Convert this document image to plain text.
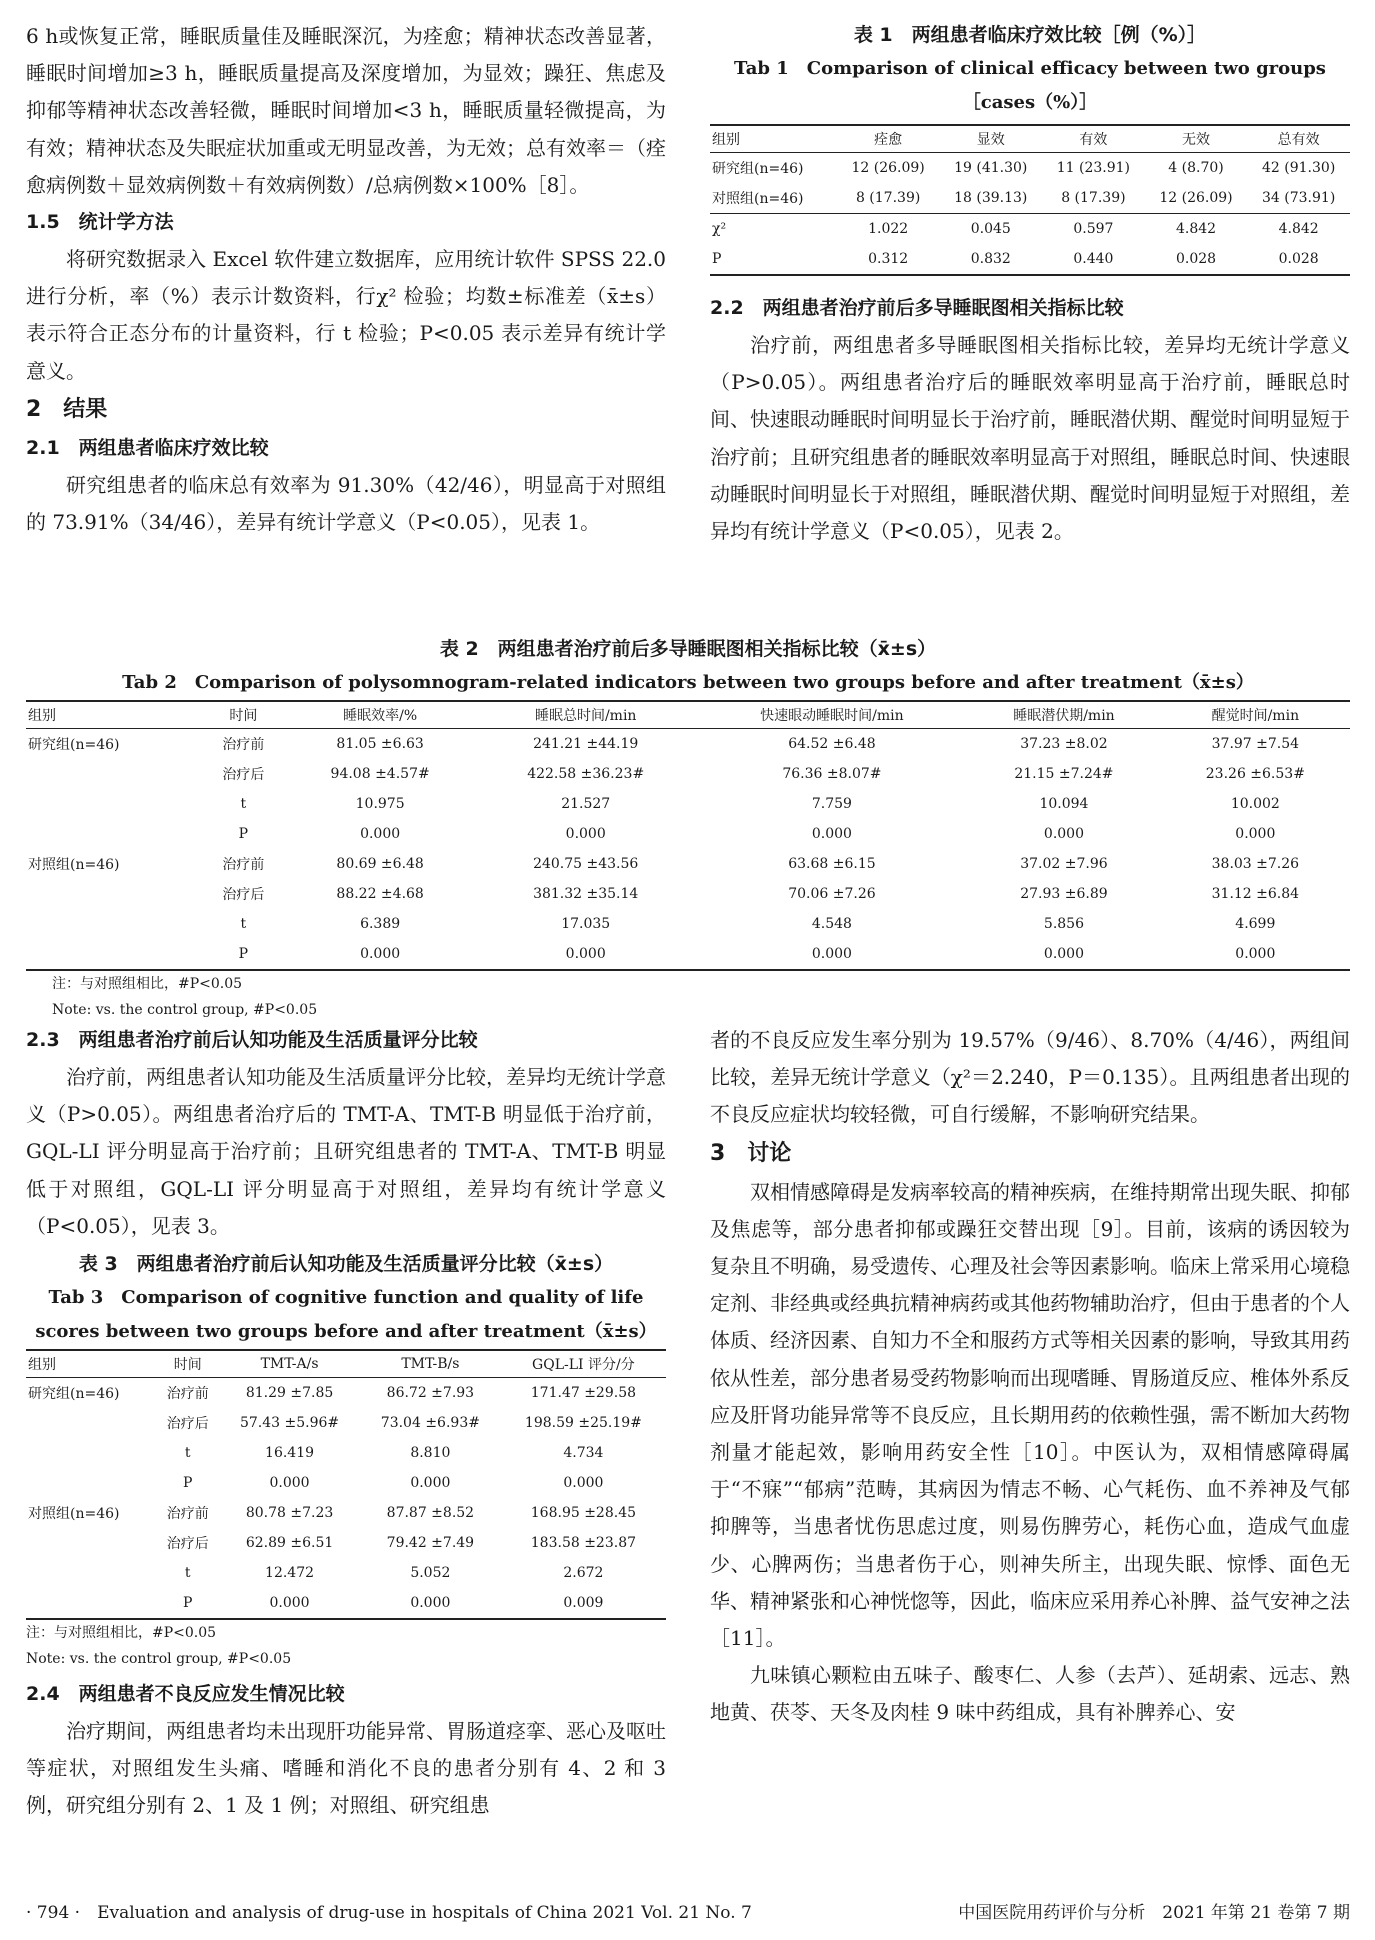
6 h或恢复正常，睡眠质量佳及睡眠深沉，为痊愈；精神状态改善显著，睡眠时间增加≥3 h，睡眠质量提高及深度增加，为显效；躁狂、焦虑及抑郁等精神状态改善轻微，睡眠时间增加<3 h，睡眠质量轻微提高，为有效；精神状态及失眠症状加重或无明显改善，为无效；总有效率＝（痊愈病例数＋显效病例数＋有效病例数）/总病例数×100%［8］。

1.5　统计学方法

将研究数据录入 Excel 软件建立数据库，应用统计软件 SPSS 22.0 进行分析，率（%）表示计数资料，行χ² 检验；均数±标准差（x̄±s）表示符合正态分布的计量资料，行 t 检验；P<0.05 表示差异有统计学意义。

2　结果
2.1　两组患者临床疗效比较

研究组患者的临床总有效率为 91.30%（42/46），明显高于对照组的 73.91%（34/46），差异有统计学意义（P<0.05），见表 1。

表 1　两组患者临床疗效比较［例（%）］
Tab 1　Comparison of clinical efficacy between two groups［cases（%）］
组别	痊愈	显效	有效	无效	总有效
研究组(n=46)	12 (26.09)	19 (41.30)	11 (23.91)	4 (8.70)	42 (91.30)
对照组(n=46)	8 (17.39)	18 (39.13)	8 (17.39)	12 (26.09)	34 (73.91)
χ²	1.022	0.045	0.597	4.842	4.842
P	0.312	0.832	0.440	0.028	0.028
2.2　两组患者治疗前后多导睡眠图相关指标比较

治疗前，两组患者多导睡眠图相关指标比较，差异均无统计学意义（P>0.05）。两组患者治疗后的睡眠效率明显高于治疗前，睡眠总时间、快速眼动睡眠时间明显长于治疗前，睡眠潜伏期、醒觉时间明显短于治疗前；且研究组患者的睡眠效率明显高于对照组，睡眠总时间、快速眼动睡眠时间明显长于对照组，睡眠潜伏期、醒觉时间明显短于对照组，差异均有统计学意义（P<0.05），见表 2。

表 2　两组患者治疗前后多导睡眠图相关指标比较（x̄±s）
Tab 2　Comparison of polysomnogram-related indicators between two groups before and after treatment（x̄±s）
组别	时间	睡眠效率/%	睡眠总时间/min	快速眼动睡眠时间/min	睡眠潜伏期/min	醒觉时间/min
研究组(n=46)	治疗前	81.05 ±6.63	241.21 ±44.19	64.52 ±6.48	37.23 ±8.02	37.97 ±7.54
	治疗后	94.08 ±4.57#	422.58 ±36.23#	76.36 ±8.07#	21.15 ±7.24#	23.26 ±6.53#
	t	10.975	21.527	7.759	10.094	10.002
	P	0.000	0.000	0.000	0.000	0.000
对照组(n=46)	治疗前	80.69 ±6.48	240.75 ±43.56	63.68 ±6.15	37.02 ±7.96	38.03 ±7.26
	治疗后	88.22 ±4.68	381.32 ±35.14	70.06 ±7.26	27.93 ±6.89	31.12 ±6.84
	t	6.389	17.035	4.548	5.856	4.699
	P	0.000	0.000	0.000	0.000	0.000
注：与对照组相比，#P<0.05
Note: vs. the control group, #P<0.05
2.3　两组患者治疗前后认知功能及生活质量评分比较

治疗前，两组患者认知功能及生活质量评分比较，差异均无统计学意义（P>0.05）。两组患者治疗后的 TMT-A、TMT-B 明显低于治疗前，GQL-LI 评分明显高于治疗前；且研究组患者的 TMT-A、TMT-B 明显低于对照组，GQL-LI 评分明显高于对照组，差异均有统计学意义（P<0.05），见表 3。

表 3　两组患者治疗前后认知功能及生活质量评分比较（x̄±s）
Tab 3　Comparison of cognitive function and quality of life scores between two groups before and after treatment（x̄±s）
组别	时间	TMT-A/s	TMT-B/s	GQL-LI 评分/分
研究组(n=46)	治疗前	81.29 ±7.85	86.72 ±7.93	171.47 ±29.58
	治疗后	57.43 ±5.96#	73.04 ±6.93#	198.59 ±25.19#
	t	16.419	8.810	4.734
	P	0.000	0.000	0.000
对照组(n=46)	治疗前	80.78 ±7.23	87.87 ±8.52	168.95 ±28.45
	治疗后	62.89 ±6.51	79.42 ±7.49	183.58 ±23.87
	t	12.472	5.052	2.672
	P	0.000	0.000	0.009
注：与对照组相比，#P<0.05
Note: vs. the control group, #P<0.05
2.4　两组患者不良反应发生情况比较

治疗期间，两组患者均未出现肝功能异常、胃肠道痉挛、恶心及呕吐等症状，对照组发生头痛、嗜睡和消化不良的患者分别有 4、2 和 3 例，研究组分别有 2、1 及 1 例；对照组、研究组患

者的不良反应发生率分别为 19.57%（9/46）、8.70%（4/46），两组间比较，差异无统计学意义（χ²＝2.240，P＝0.135）。且两组患者出现的不良反应症状均较轻微，可自行缓解，不影响研究结果。

3　讨论

双相情感障碍是发病率较高的精神疾病，在维持期常出现失眠、抑郁及焦虑等，部分患者抑郁或躁狂交替出现［9］。目前，该病的诱因较为复杂且不明确，易受遗传、心理及社会等因素影响。临床上常采用心境稳定剂、非经典或经典抗精神病药或其他药物辅助治疗，但由于患者的个人体质、经济因素、自知力不全和服药方式等相关因素的影响，导致其用药依从性差，部分患者易受药物影响而出现嗜睡、胃肠道反应、椎体外系反应及肝肾功能异常等不良反应，且长期用药的依赖性强，需不断加大药物剂量才能起效，影响用药安全性［10］。中医认为，双相情感障碍属于“不寐”“郁病”范畴，其病因为情志不畅、心气耗伤、血不养神及气郁抑脾等，当患者忧伤思虑过度，则易伤脾劳心，耗伤心血，造成气血虚少、心脾两伤；当患者伤于心，则神失所主，出现失眠、惊悸、面色无华、精神紧张和心神恍惚等，因此，临床应采用养心补脾、益气安神之法［11］。

九味镇心颗粒由五味子、酸枣仁、人参（去芦）、延胡索、远志、熟地黄、茯苓、天冬及肉桂 9 味中药组成，具有补脾养心、安

· 794 ·　Evaluation and analysis of drug-use in hospitals of China 2021 Vol. 21 No. 7	中国医院用药评价与分析　2021 年第 21 卷第 7 期
